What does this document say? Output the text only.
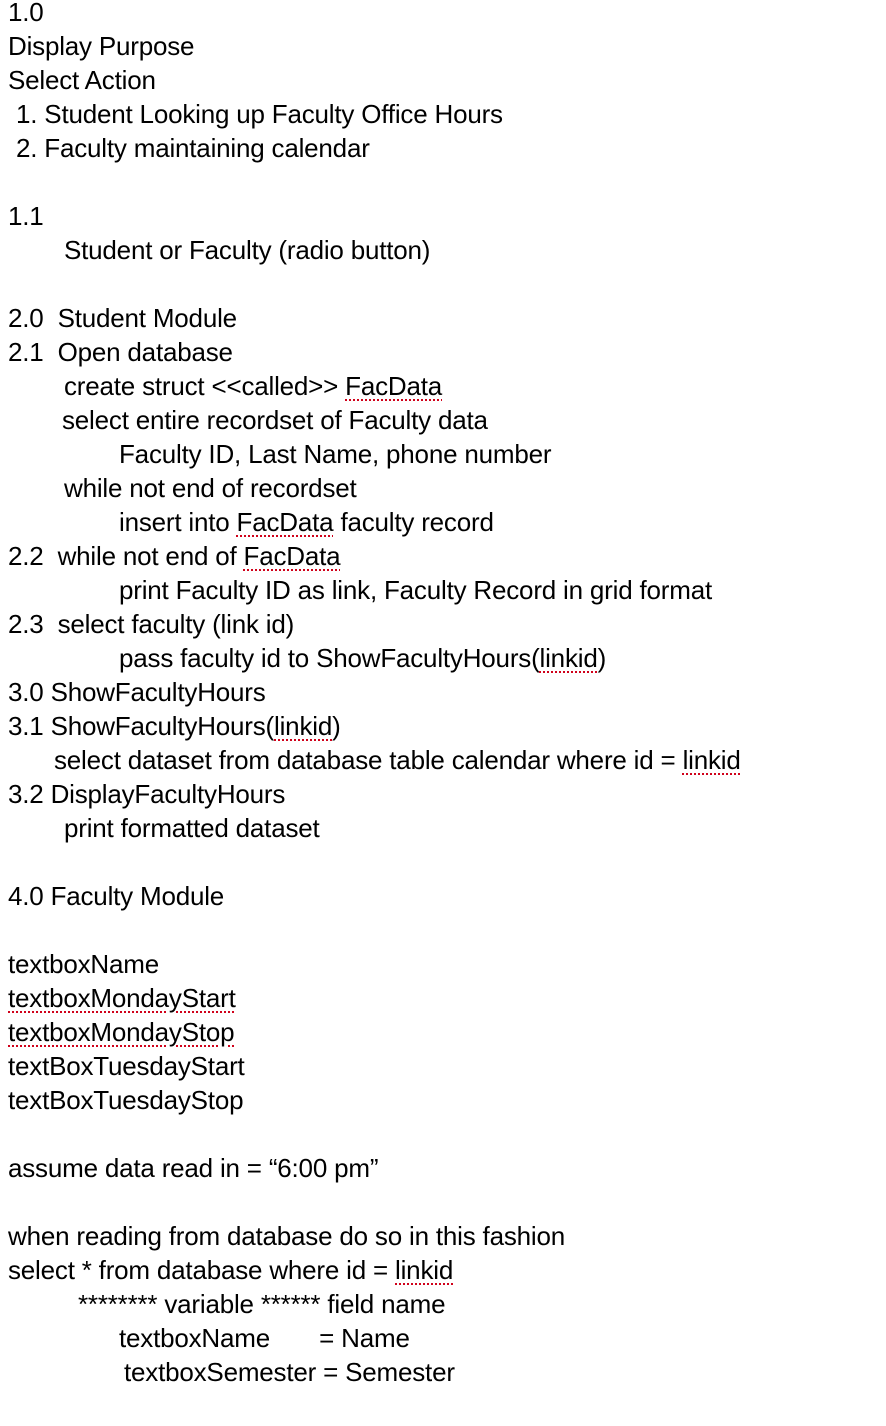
1.0
Display Purpose
Select Action
1. Student Looking up Faculty Office Hours
2. Faculty maintaining calendar
1.1
Student or Faculty (radio button)
2.0  Student Module
2.1  Open database
create struct <<called>> FacData
select entire recordset of Faculty data
Faculty ID, Last Name, phone number
while not end of recordset
insert into FacData faculty record
2.2  while not end of FacData
print Faculty ID as link, Faculty Record in grid format
2.3  select faculty (link id)
pass faculty id to ShowFacultyHours(linkid)
3.0 ShowFacultyHours
3.1 ShowFacultyHours(linkid)
select dataset from database table calendar where id = linkid
3.2 DisplayFacultyHours
print formatted dataset
4.0 Faculty Module
textboxName
textboxMondayStart
textboxMondayStop
textBoxTuesdayStart
textBoxTuesdayStop
assume data read in = “6:00 pm”
when reading from database do so in this fashion
select * from database where id = linkid
******** variable ****** field name
textboxName       = Name
textboxSemester = Semester
